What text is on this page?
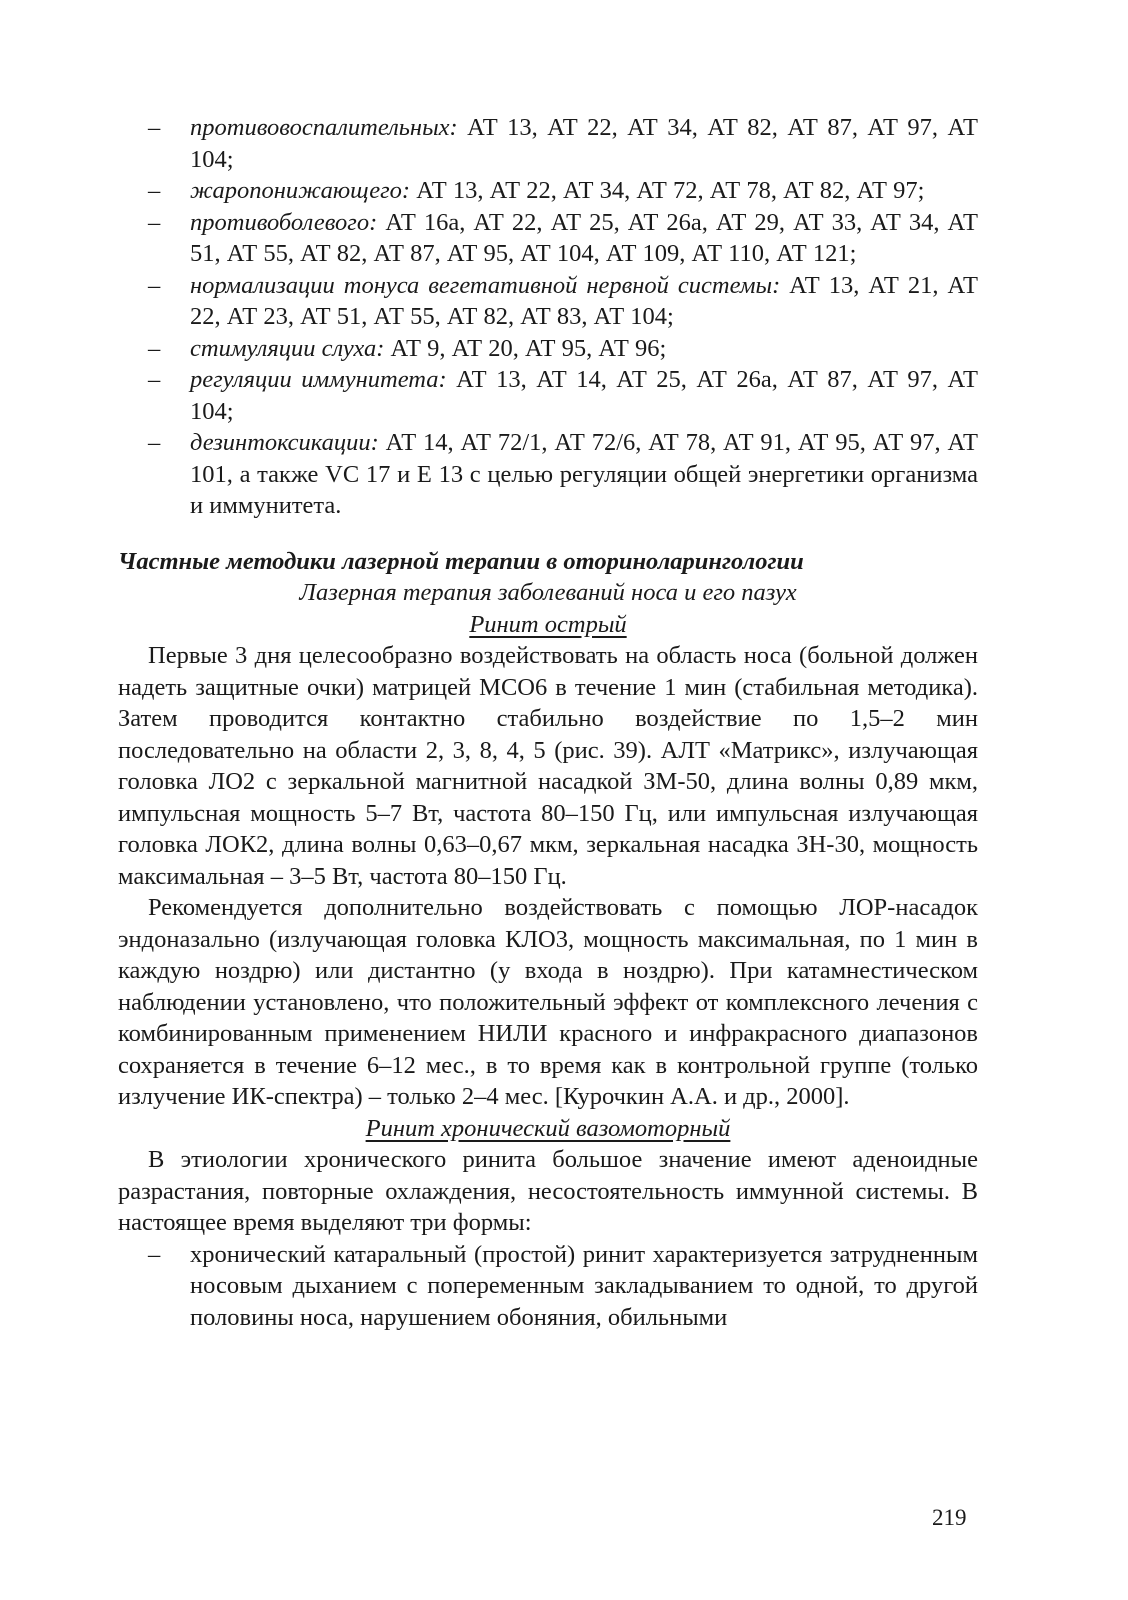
– противовоспалительных: АТ 13, АТ 22, АТ 34, АТ 82, АТ 87, АТ 97, АТ 104;
– жаропонижающего: АТ 13, АТ 22, АТ 34, АТ 72, АТ 78, АТ 82, АТ 97;
– противоболевого: АТ 16а, АТ 22, АТ 25, АТ 26а, АТ 29, АТ 33, АТ 34, АТ 51, АТ 55, АТ 82, АТ 87, АТ 95, АТ 104, АТ 109, АТ 110, АТ 121;
– нормализации тонуса вегетативной нервной системы: АТ 13, АТ 21, АТ 22, АТ 23, АТ 51, АТ 55, АТ 82, АТ 83, АТ 104;
– стимуляции слуха: АТ 9, АТ 20, АТ 95, АТ 96;
– регуляции иммунитета: АТ 13, АТ 14, АТ 25, АТ 26а, АТ 87, АТ 97, АТ 104;
– дезинтоксикации: АТ 14, АТ 72/1, АТ 72/6, АТ 78, АТ 91, АТ 95, АТ 97, АТ 101, а также VC 17 и Е 13 с целью регуляции общей энергетики организма и иммунитета.
Частные методики лазерной терапии в оториноларингологии
Лазерная терапия заболеваний носа и его пазух
Ринит острый

Первые 3 дня целесообразно воздействовать на область носа (больной должен надеть защитные очки) матрицей МСО6 в течение 1 мин (стабильная методика). Затем проводится контактно стабильно воздействие по 1,5–2 мин последовательно на области 2, 3, 8, 4, 5 (рис. 39). АЛТ «Матрикс», излучающая головка ЛО2 с зеркальной магнитной насадкой ЗМ-50, длина волны 0,89 мкм, импульсная мощность 5–7 Вт, частота 80–150 Гц, или импульсная излучающая головка ЛОК2, длина волны 0,63–0,67 мкм, зеркальная насадка ЗН-30, мощность максимальная – 3–5 Вт, частота 80–150 Гц.

Рекомендуется дополнительно воздействовать с помощью ЛОР-насадок эндоназально (излучающая головка КЛО3, мощность максимальная, по 1 мин в каждую ноздрю) или дистантно (у входа в ноздрю). При катамнестическом наблюдении установлено, что положительный эффект от комплексного лечения с комбинированным применением НИЛИ красного и инфракрасного диапазонов сохраняется в течение 6–12 мес., в то время как в контрольной группе (только излучение ИК-спектра) – только 2–4 мес. [Курочкин А.А. и др., 2000].

Ринит хронический вазомоторный

В этиологии хронического ринита большое значение имеют аденоидные разрастания, повторные охлаждения, несостоятельность иммунной системы. В настоящее время выделяют три формы:

– хронический катаральный (простой) ринит характеризуется затрудненным носовым дыханием с попеременным закладыванием то одной, то другой половины носа, нарушением обоняния, обильными
219
